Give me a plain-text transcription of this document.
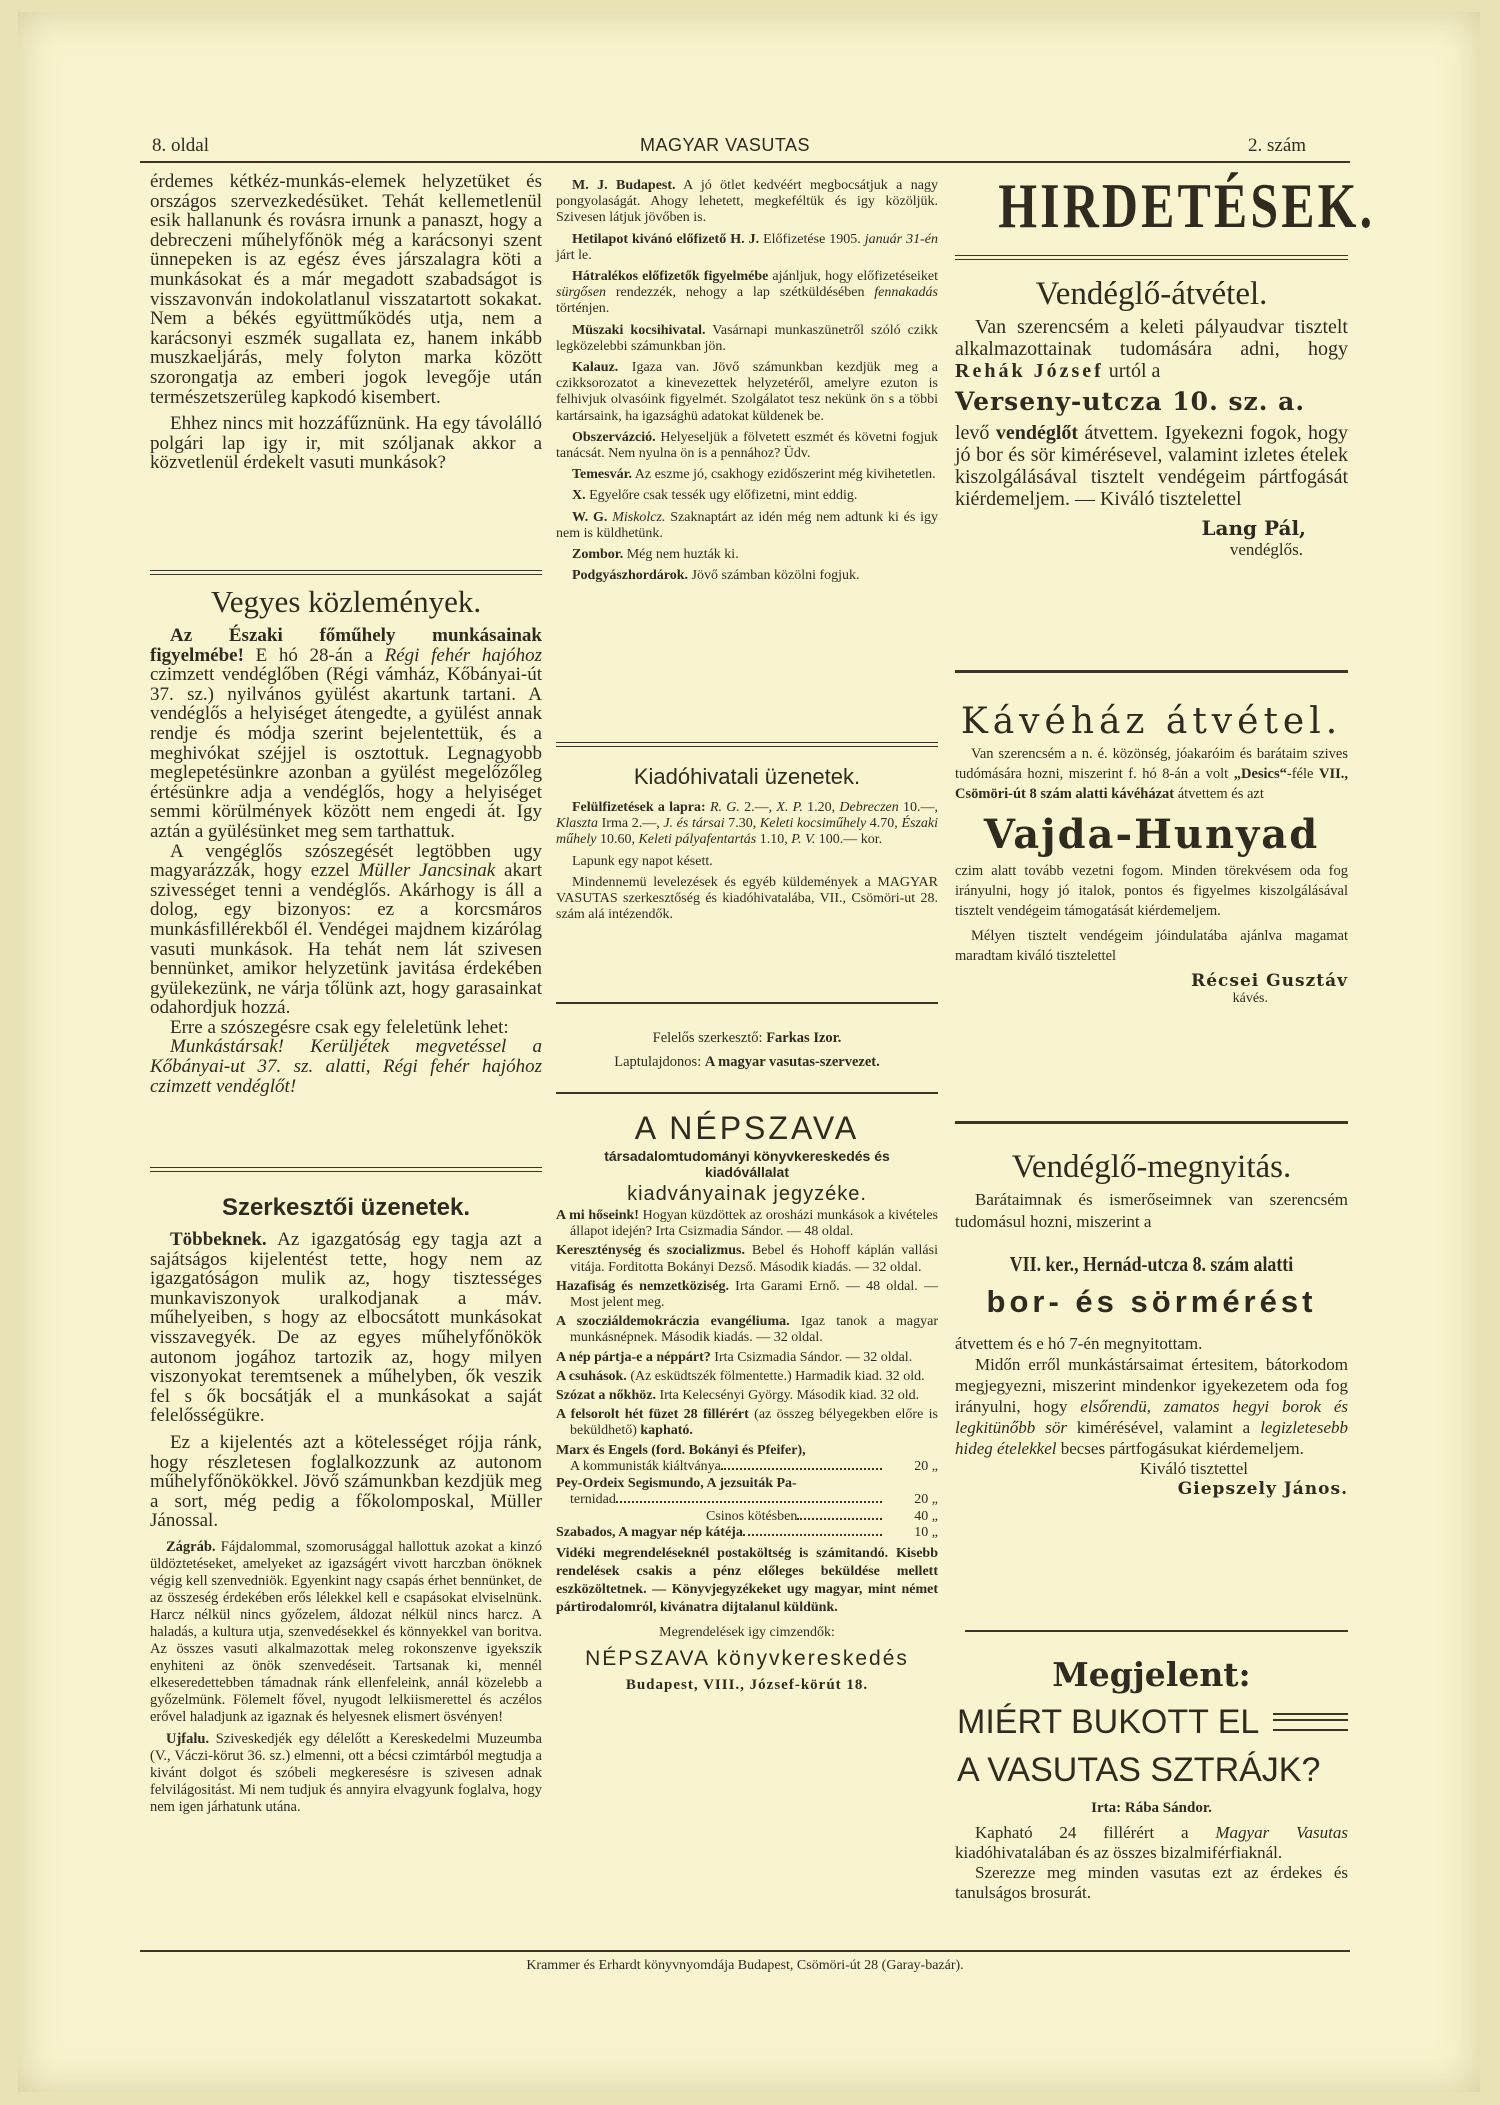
8. oldal	MAGYAR VASUTAS	2. szám

érdemes kétkéz-munkás-elemek helyzetüket és országos szervezkedésüket. Tehát kellemetlenül esik hallanunk és rovásra irnunk a panaszt, hogy a debreczeni műhelyfőnök még a karácsonyi szent ünnepeken is az egész éves járszalagra köti a munkásokat és a már megadott szabadságot is visszavonván indokolatlanul visszatartott sokakat. Nem a békés együttműködés utja, nem a karácsonyi eszmék sugallata ez, hanem inkább muszkaeljárás, mely folyton marka között szorongatja az emberi jogok levegője után természetszerüleg kapkodó kisembert.

Ehhez nincs mit hozzáfűznünk. Ha egy távolálló polgári lap igy ir, mit szóljanak akkor a közvetlenül érdekelt vasuti munkások?

Vegyes közlemények.

Az Északi főműhely munkásainak figyelmébe! E hó 28-án a Régi fehér hajóhoz czimzett vendéglőben (Régi vámház, Kőbányai-út 37. sz.) nyilvános gyülést akartunk tartani. A vendéglős a helyiséget átengedte, a gyülést annak rendje és módja szerint bejelentettük, és a meghivókat széjjel is osztottuk. Legnagyobb meglepetésünkre azonban a gyülést megelőzőleg értésünkre adja a vendéglős, hogy a helyiséget semmi körülmények között nem engedi át. Igy aztán a gyülésünket meg sem tarthattuk.

A vengéglős szószegését legtöbben ugy magyarázzák, hogy ezzel Müller Jancsinak akart szivességet tenni a vendéglős. Akárhogy is áll a dolog, egy bizonyos: ez a korcsmáros munkásfillérekből él. Vendégei majdnem kizárólag vasuti munkások. Ha tehát nem lát szivesen bennünket, amikor helyzetünk javitása érdekében gyülekezünk, ne várja tőlünk azt, hogy garasainkat odahordjuk hozzá.

Erre a szószegésre csak egy feleletünk lehet:

Munkástársak! Kerüljétek megvetéssel a Kőbányai-ut 37. sz. alatti, Régi fehér hajóhoz czimzett vendéglőt!

Szerkesztői üzenetek.

Többeknek. Az igazgatóság egy tagja azt a sajátságos kijelentést tette, hogy nem az igazgatóságon mulik az, hogy tisztességes munkaviszonyok uralkodjanak a máv. műhelyeiben, s hogy az elbocsátott munkásokat visszavegyék. De az egyes műhelyfőnökök autonom jogához tartozik az, hogy milyen viszonyokat teremtsenek a műhelyben, ők veszik fel s ők bocsátják el a munkásokat a saját felelősségükre.

Ez a kijelentés azt a kötelességet rójja ránk, hogy részletesen foglalkozzunk az autonom műhelyfőnökökkel. Jövő számunkban kezdjük meg a sort, még pedig a főkolomposkal, Müller Jánossal.

Zágráb. Fájdalommal, szomorusággal hallottuk azokat a kinzó üldöztetéseket, amelyeket az igazságért vivott harczban önöknek végig kell szenvedniök. Egyenkint nagy csapás érhet bennünket, de az összeség érdekében erős lélekkel kell e csapásokat elviselnünk. Harcz nélkül nincs győzelem, áldozat nélkül nincs harcz. A haladás, a kultura utja, szenvedésekkel és könnyekkel van boritva. Az összes vasuti alkalmazottak meleg rokonszenve igyekszik enyhiteni az önök szenvedéseit. Tartsanak ki, mennél elkeseredettebben támadnak ránk ellenfeleink, annál közelebb a győzelmünk. Fölemelt fővel, nyugodt lelkiismerettel és aczélos erővel haladjunk az igaznak és helyesnek elismert ösvényen!

Ujfalu. Sziveskedjék egy délelőtt a Kereskedelmi Muzeumba (V., Váczi-körut 36. sz.) elmenni, ott a bécsi czimtárból megtudja a kivánt dolgot és szóbeli megkeresésre is szivesen adnak felvilágositást. Mi nem tudjuk és annyira elvagyunk foglalva, hogy nem igen járhatunk utána.

M. J. Budapest. A jó ötlet kedvéért megbocsátjuk a nagy pongyolaságát. Ahogy lehetett, megkeféltük és igy közöljük. Szivesen látjuk jövőben is.

Hetilapot kivánó előfizető H. J. Előfizetése 1905. január 31-én járt le.

Hátralékos előfizetők figyelmébe ajánljuk, hogy előfizetéseiket sürgősen rendezzék, nehogy a lap szétküldésében fennakadás történjen.

Müszaki kocsihivatal. Vasárnapi munkaszünetről szóló czikk legközelebbi számunkban jön.

Kalauz. Igaza van. Jövő számunkban kezdjük meg a czikksorozatot a kinevezettek helyzetéről, amelyre ezuton is felhivjuk olvasóink figyelmét. Szolgálatot tesz nekünk ön s a többi kartársaink, ha igazsághü adatokat küldenek be.

Obszervázció. Helyeseljük a fölvetett eszmét és követni fogjuk tanácsát. Nem nyulna ön is a pennához? Üdv.

Temesvár. Az eszme jó, csakhogy ezidőszerint még kivihetetlen.

X. Egyelőre csak tessék ugy előfizetni, mint eddig.

W. G. Miskolcz. Szaknaptárt az idén még nem adtunk ki és igy nem is küldhetünk.

Zombor. Még nem huzták ki.

Podgyászhordárok. Jövő számban közölni fogjuk.

Kiadóhivatali üzenetek.

Felülfizetések a lapra: R. G. 2.—, X. P. 1.20, Debreczen 10.—, Klaszta Irma 2.—, J. és társai 7.30, Keleti kocsiműhely 4.70, Északi műhely 10.60, Keleti pályafentartás 1.10, P. V. 100.— kor.

Lapunk egy napot késett.

Mindennemü levelezések és egyéb küldemények a MAGYAR VASUTAS szerkesztőség és kiadóhivatalába, VII., Csömöri-ut 28. szám alá intézendők.

Felelős szerkesztő: Farkas Izor.
Laptulajdonos: A magyar vasutas-szervezet.
A NÉPSZAVA
társadalomtudományi könyvkereskedés és kiadóvállalat
kiadványainak jegyzéke.

A mi hőseink! Hogyan küzdöttek az orosházi munkások a kivételes állapot idején? Irta Csizmadia Sándor. — 48 oldal.

Kereszténység és szocializmus. Bebel és Hohoff káplán vallási vitája. Forditotta Bokányi Dezső. Második kiadás. — 32 oldal.

Hazafiság és nemzetköziség. Irta Garami Ernő. — 48 oldal. — Most jelent meg.

A szocziáldemokráczia evangéliuma. Igaz tanok a magyar munkásnépnek. Második kiadás. — 32 oldal.

A nép pártja-e a néppárt? Irta Csizmadia Sándor. — 32 oldal.

A csuhások. (Az esküdtszék fölmentette.) Harmadik kiad. 32 old.

Szózat a nőkhöz. Irta Kelecsényi György. Második kiad. 32 old.

A felsorolt hét füzet 28 fillérért (az összeg bélyegekben előre is beküldhető) kapható.

Marx és Engels (ford. Bokányi és Pfeifer),
A kommunisták kiáltványa	20 „
Pey-Ordeix Segismundo, A jezsuiták Pa-
ternidad	20 „
Csinos kötésben	40 „
Szabados, A magyar nép kátéja	10 „

Vidéki megrendeléseknél postaköltség is számitandó. Kisebb rendelések csakis a pénz előleges beküldése mellett eszközöltetnek. — Könyvjegyzékeket ugy magyar, mint német pártirodalomról, kivánatra dijtalanul küldünk.

Megrendelések igy cimzendők:
NÉPSZAVA könyvkereskedés
Budapest, VIII., József-körút 18.
HIRDETÉSEK.
Vendéglő-átvétel.

Van szerencsém a keleti pályaudvar tisztelt alkalmazottainak tudomására adni, hogy Rehák József urtól a

Verseny-utcza 10. sz. a.

levő vendéglőt átvettem. Igyekezni fogok, hogy jó bor és sör kimérésevel, valamint izletes ételek kiszolgálásával tisztelt vendégeim pártfogását kiérdemeljem. — Kiváló tisztelettel

Lang Pál,
vendéglős.
Kávéház átvétel.

Van szerencsém a n. é. közönség, jóakaróim és barátaim szives tudómására hozni, miszerint f. hó 8-án a volt „Desics“-féle VII., Csömöri-út 8 szám alatti kávéházat átvettem és azt

Vajda-Hunyad

czim alatt tovább vezetni fogom. Minden törekvésem oda fog irányulni, hogy jó italok, pontos és figyelmes kiszolgálásával tisztelt vendégeim támogatását kiérdemeljem.

Mélyen tisztelt vendégeim jóindulatába ajánlva magamat maradtam kiváló tisztelettel

Récsei Gusztáv
kávés.
Vendéglő-megnyitás.

Barátaimnak és ismerőseimnek van szerencsém tudomásul hozni, miszerint a

VII. ker., Hernád-utcza 8. szám alatti
bor- és sörmérést

átvettem és e hó 7-én megnyitottam.

Midőn erről munkástársaimat értesitem, bátorkodom megjegyezni, miszerint mindenkor igyekezetem oda fog irányulni, hogy elsőrendü, zamatos hegyi borok és legkitünőbb sör kimérésével, valamint a legizletesebb hideg ételekkel becses pártfogásukat kiérdemeljem.

Kiváló tisztettel
Giepszely János.
Megjelent:
MIÉRT BUKOTT EL
A VASUTAS SZTRÁJK?
Irta: Rába Sándor.

Kapható 24 fillérért a Magyar Vasutas kiadóhivatalában és az összes bizalmiférfiaknál.

Szerezze meg minden vasutas ezt az érdekes és tanulságos brosurát.

Krammer és Erhardt könyvnyomdája Budapest, Csömöri-út 28 (Garay-bazár).
